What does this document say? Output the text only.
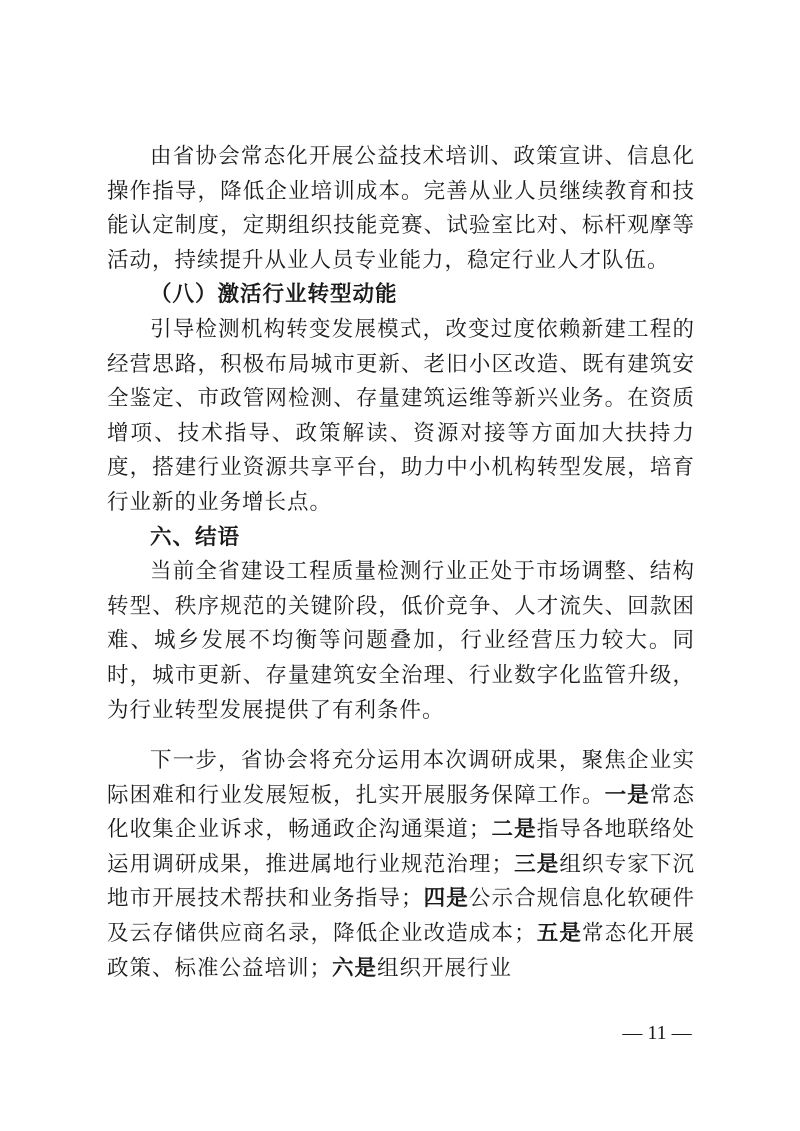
由省协会常态化开展公益技术培训、政策宣讲、信息化操作指导，降低企业培训成本。完善从业人员继续教育和技能认定制度，定期组织技能竞赛、试验室比对、标杆观摩等活动，持续提升从业人员专业能力，稳定行业人才队伍。

（八）激活行业转型动能

引导检测机构转变发展模式，改变过度依赖新建工程的经营思路，积极布局城市更新、老旧小区改造、既有建筑安全鉴定、市政管网检测、存量建筑运维等新兴业务。在资质增项、技术指导、政策解读、资源对接等方面加大扶持力度，搭建行业资源共享平台，助力中小机构转型发展，培育行业新的业务增长点。

六、结语

当前全省建设工程质量检测行业正处于市场调整、结构转型、秩序规范的关键阶段，低价竞争、人才流失、回款困难、城乡发展不均衡等问题叠加，行业经营压力较大。同时，城市更新、存量建筑安全治理、行业数字化监管升级，为行业转型发展提供了有利条件。

下一步，省协会将充分运用本次调研成果，聚焦企业实际困难和行业发展短板，扎实开展服务保障工作。一是常态化收集企业诉求，畅通政企沟通渠道；二是指导各地联络处运用调研成果，推进属地行业规范治理；三是组织专家下沉地市开展技术帮扶和业务指导；四是公示合规信息化软硬件及云存储供应商名录，降低企业改造成本；五是常态化开展政策、标准公益培训；六是组织开展行业

— 11 —
